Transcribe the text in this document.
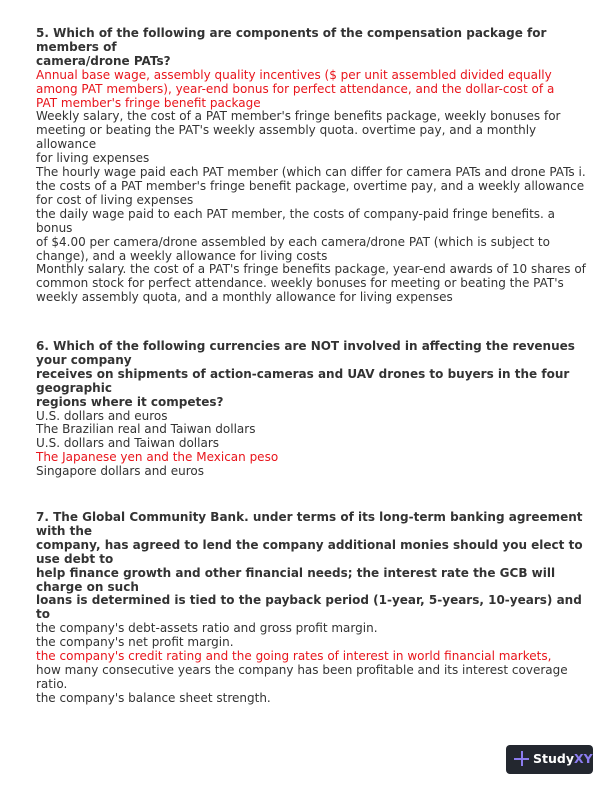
5. Which of the following are components of the compensation package for
members of
camera/drone PATs?
Annual base wage, assembly quality incentives ($ per unit assembled divided equally
among PAT members), year-end bonus for perfect attendance, and the dollar-cost of a
PAT member's fringe benefit package
Weekly salary, the cost of a PAT member's fringe benefits package, weekly bonuses for
meeting or beating the PAT's weekly assembly quota. overtime pay, and a monthly
allowance
for living expenses
The hourly wage paid each PAT member (which can differ for camera PATs and drone PATs i.
the costs of a PAT member's fringe benefit package, overtime pay, and a weekly allowance
for cost of living expenses
the daily wage paid to each PAT member, the costs of company-paid fringe benefits. a
bonus
of $4.00 per camera/drone assembled by each camera/drone PAT (which is subject to
change), and a weekly allowance for living costs
Monthly salary. the cost of a PAT's fringe benefits package, year-end awards of 10 shares of
common stock for perfect attendance. weekly bonuses for meeting or beating the PAT's
weekly assembly quota, and a monthly allowance for living expenses
6. Which of the following currencies are NOT involved in affecting the revenues
your company
receives on shipments of action-cameras and UAV drones to buyers in the four
geographic
regions where it competes?
U.S. dollars and euros
The Brazilian real and Taiwan dollars
U.S. dollars and Taiwan dollars
The Japanese yen and the Mexican peso
Singapore dollars and euros
7. The Global Community Bank. under terms of its long-term banking agreement
with the
company, has agreed to lend the company additional monies should you elect to
use debt to
help finance growth and other financial needs; the interest rate the GCB will
charge on such
loans is determined is tied to the payback period (1-year, 5-years, 10-years) and
to
the company's debt-assets ratio and gross profit margin.
the company's net profit margin.
the company's credit rating and the going rates of interest in world financial markets,
how many consecutive years the company has been profitable and its interest coverage
ratio.
the company's balance sheet strength.
StudyXY
